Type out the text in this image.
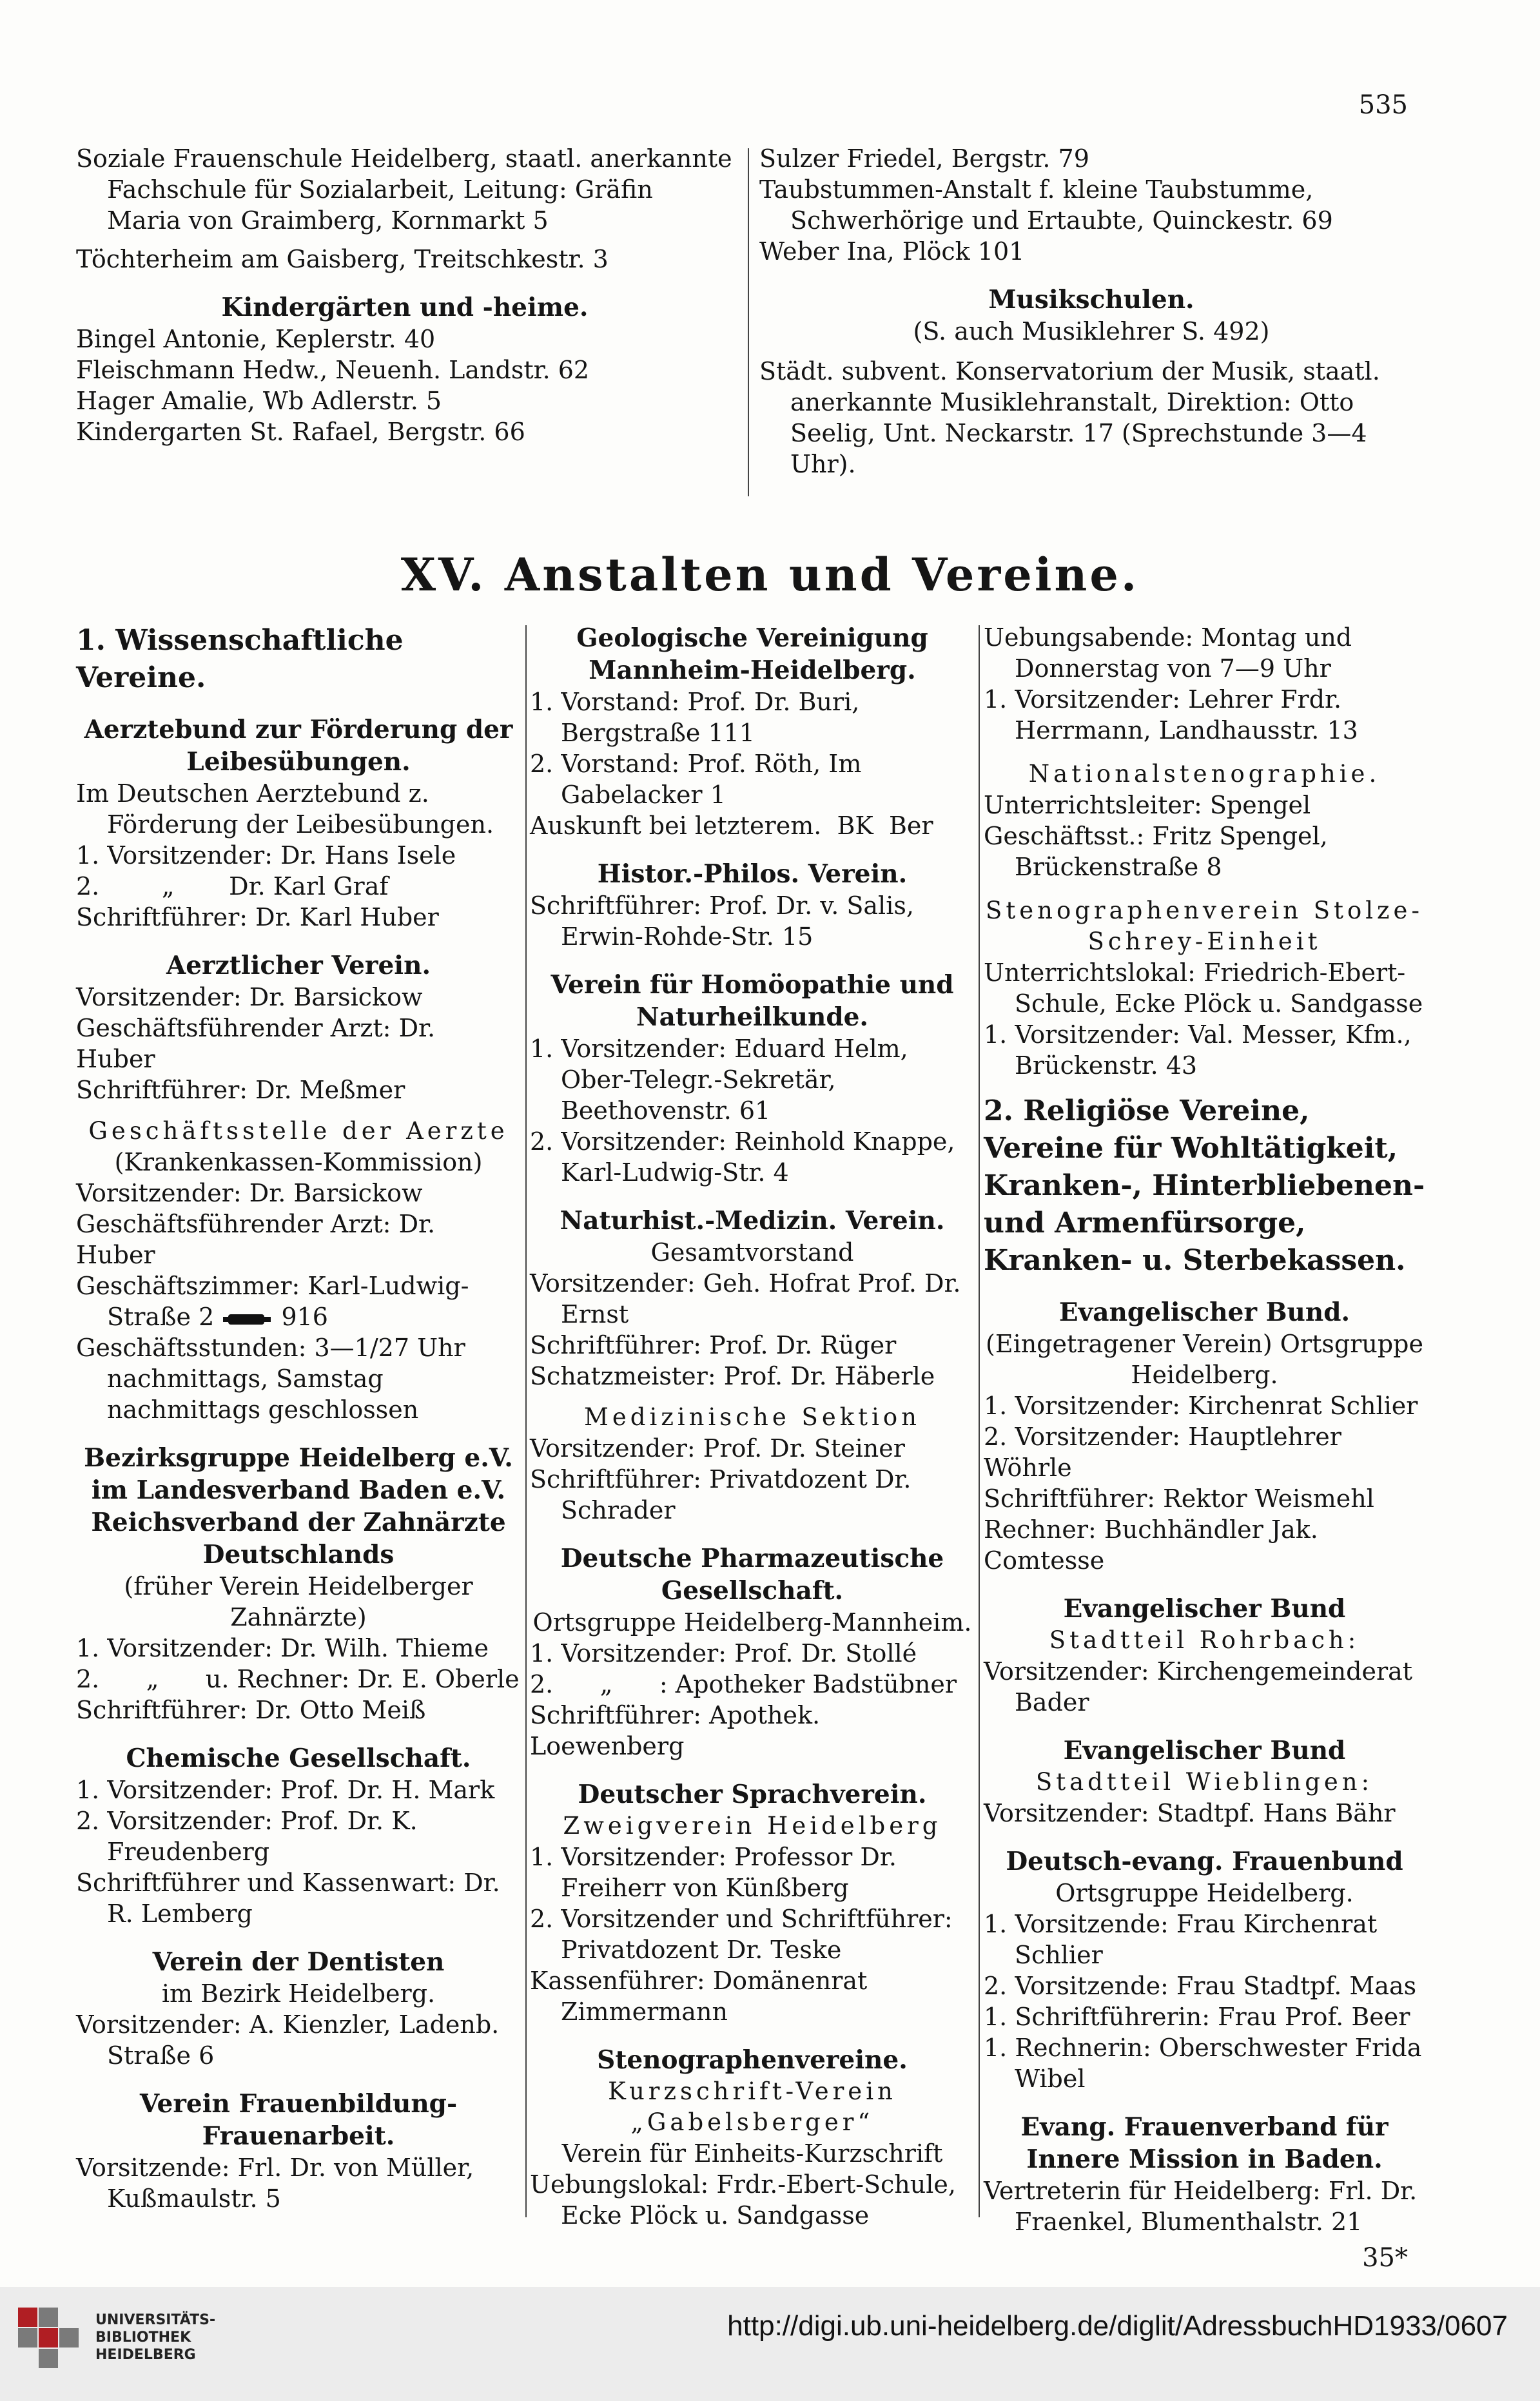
535

Soziale Frauenschule Heidelberg, staatl. anerkannte Fachschule für Sozialarbeit, Leitung: Gräfin Maria von Graimberg, Kornmarkt 5

Töchterheim am Gaisberg, Treitschkestr. 3

Kindergärten und -heime.

Bingel Antonie, Keplerstr. 40

Fleischmann Hedw., Neuenh. Landstr. 62

Hager Amalie, Wb Adlerstr. 5

Kindergarten St. Rafael, Bergstr. 66

Sulzer Friedel, Bergstr. 79

Taubstummen-Anstalt f. kleine Taubstumme, Schwerhörige und Ertaubte, Quinckestr. 69

Weber Ina, Plöck 101

Musikschulen.

(S. auch Musiklehrer S. 492)

Städt. subvent. Konservatorium der Musik, staatl. anerkannte Musiklehranstalt, Direktion: Otto Seelig, Unt. Neckarstr. 17 (Sprechstunde 3—4 Uhr).

XV. Anstalten und Vereine.

1. Wissenschaftliche Vereine.

Aerztebund zur Förderung der Leibesübungen.

Im Deutschen Aerztebund z. Förderung der Leibesübungen.

1. Vorsitzender: Dr. Hans Isele

2.        „       Dr. Karl Graf

Schriftführer: Dr. Karl Huber

Aerztlicher Verein.

Vorsitzender: Dr. Barsickow

Geschäftsführender Arzt: Dr. Huber

Schriftführer: Dr. Meßmer

Geschäftsstelle der Aerzte

(Krankenkassen-Kommission)

Vorsitzender: Dr. Barsickow

Geschäftsführender Arzt: Dr. Huber

Geschäftszimmer: Karl-Ludwig-Straße 2	916

Geschäftsstunden: 3—1/27 Uhr nachmittags, Samstag nachmittags geschlossen

Bezirksgruppe Heidelberg e.V. im Landesverband Baden e.V. Reichsverband der Zahnärzte Deutschlands

(früher Verein Heidelberger Zahnärzte)

1. Vorsitzender: Dr. Wilh. Thieme

2.      „      u. Rechner: Dr. E. Oberle

Schriftführer: Dr. Otto Meiß

Chemische Gesellschaft.

1. Vorsitzender: Prof. Dr. H. Mark

2. Vorsitzender: Prof. Dr. K. Freudenberg

Schriftführer und Kassenwart: Dr. R. Lemberg

Verein der Dentisten

im Bezirk Heidelberg.

Vorsitzender: A. Kienzler, Ladenb. Straße 6

Verein Frauenbildung-Frauenarbeit.

Vorsitzende: Frl. Dr. von Müller, Kußmaulstr. 5

Geologische Vereinigung Mannheim-Heidelberg.

1. Vorstand: Prof. Dr. Buri, Bergstraße 111

2. Vorstand: Prof. Röth, Im Gabelacker 1

Auskunft bei letzterem.  BK  Ber

Histor.-Philos. Verein.

Schriftführer: Prof. Dr. v. Salis, Erwin-Rohde-Str. 15

Verein für Homöopathie und Naturheilkunde.

1. Vorsitzender: Eduard Helm, Ober-Telegr.-Sekretär, Beethovenstr. 61

2. Vorsitzender: Reinhold Knappe, Karl-Ludwig-Str. 4

Naturhist.-Medizin. Verein.

Gesamtvorstand

Vorsitzender: Geh. Hofrat Prof. Dr. Ernst

Schriftführer: Prof. Dr. Rüger

Schatzmeister: Prof. Dr. Häberle

Medizinische Sektion

Vorsitzender: Prof. Dr. Steiner

Schriftführer: Privatdozent Dr. Schrader

Deutsche Pharmazeutische Gesellschaft.

Ortsgruppe Heidelberg-Mannheim.

1. Vorsitzender: Prof. Dr. Stollé

2.      „      : Apotheker Badstübner

Schriftführer: Apothek. Loewenberg

Deutscher Sprachverein.

Zweigverein Heidelberg

1. Vorsitzender: Professor Dr. Freiherr von Künßberg

2. Vorsitzender und Schriftführer: Privatdozent Dr. Teske

Kassenführer: Domänenrat Zimmermann

Stenographenvereine.

Kurzschrift-Verein „Gabelsberger“

Verein für Einheits-Kurzschrift

Uebungslokal: Frdr.-Ebert-Schule, Ecke Plöck u. Sandgasse

Uebungsabende: Montag und Donnerstag von 7—9 Uhr

1. Vorsitzender: Lehrer Frdr. Herrmann, Landhausstr. 13

Nationalstenographie.

Unterrichtsleiter: Spengel

Geschäftsst.: Fritz Spengel, Brückenstraße 8

Stenographenverein Stolze-Schrey-Einheit

Unterrichtslokal: Friedrich-Ebert-Schule, Ecke Plöck u. Sandgasse

1. Vorsitzender: Val. Messer, Kfm., Brückenstr. 43

2. Religiöse Vereine, Vereine für Wohltätigkeit, Kranken-, Hinterbliebenen- und Armenfürsorge, Kranken- u. Sterbekassen.

Evangelischer Bund.

(Eingetragener Verein) Ortsgruppe Heidelberg.

1. Vorsitzender: Kirchenrat Schlier

2. Vorsitzender: Hauptlehrer Wöhrle

Schriftführer: Rektor Weismehl

Rechner: Buchhändler Jak. Comtesse

Evangelischer Bund

Stadtteil Rohrbach:

Vorsitzender: Kirchengemeinderat Bader

Evangelischer Bund

Stadtteil Wieblingen:

Vorsitzender: Stadtpf. Hans Bähr

Deutsch-evang. Frauenbund

Ortsgruppe Heidelberg.

1. Vorsitzende: Frau Kirchenrat Schlier

2. Vorsitzende: Frau Stadtpf. Maas

1. Schriftführerin: Frau Prof. Beer

1. Rechnerin: Oberschwester Frida Wibel

Evang. Frauenverband für Innere Mission in Baden.

Vertreterin für Heidelberg: Frl. Dr. Fraenkel, Blumenthalstr. 21

35*
UNIVERSITÄTS-
BIBLIOTHEK
HEIDELBERG
http://digi.ub.uni-heidelberg.de/diglit/AdressbuchHD1933/0607
